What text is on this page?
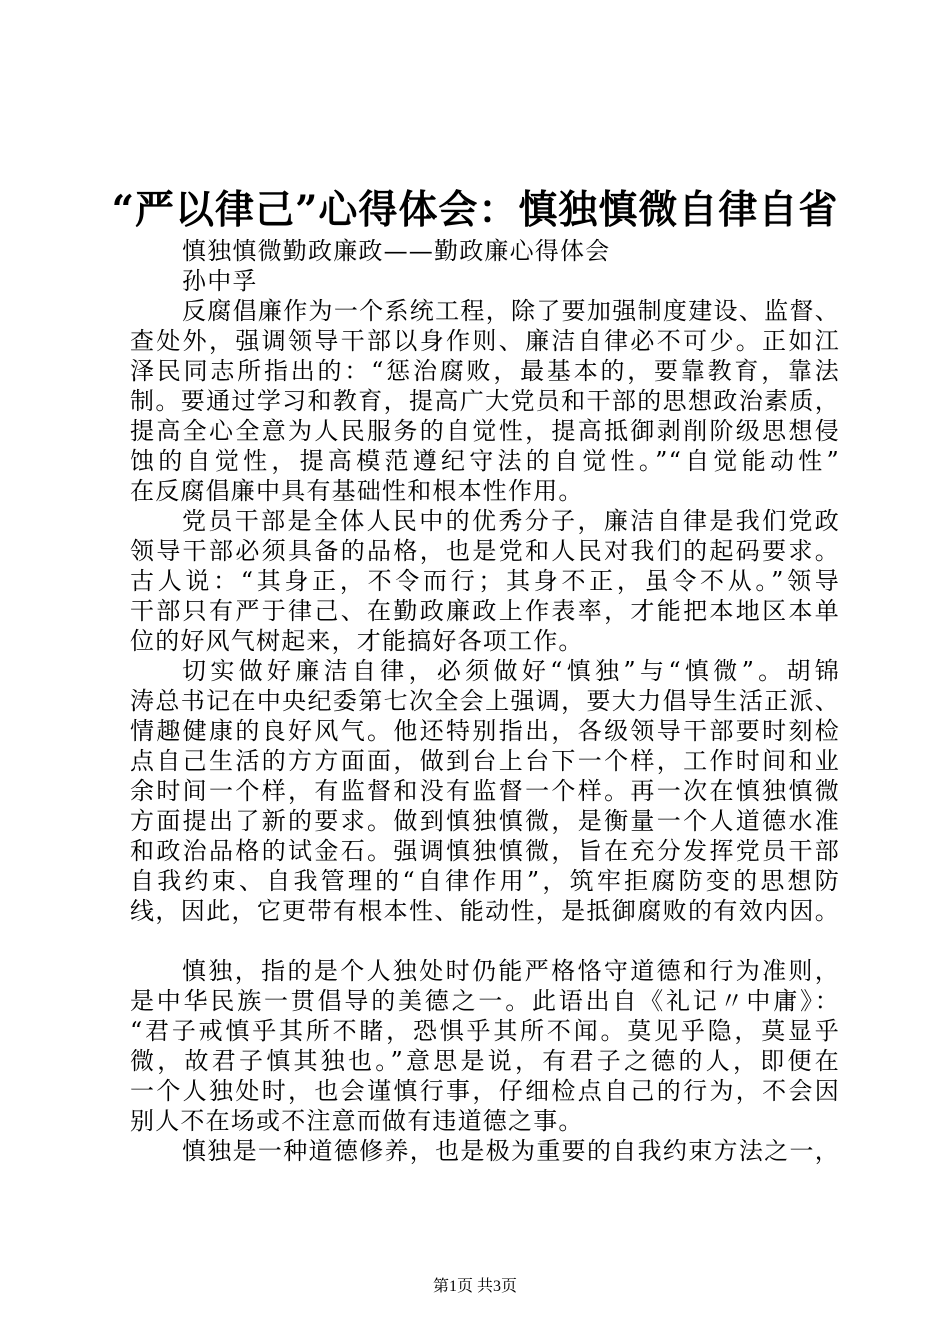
“严以律己”心得体会：慎独慎微自律自省
慎独慎微勤政廉政——勤政廉心得体会
孙中孚
反腐倡廉作为一个系统工程，除了要加强制度建设、监督、
查处外，强调领导干部以身作则、廉洁自律必不可少。正如江
泽民同志所指出的：“惩治腐败，最基本的，要靠教育，靠法
制。要通过学习和教育，提高广大党员和干部的思想政治素质，
提高全心全意为人民服务的自觉性，提高抵御剥削阶级思想侵
蚀的自觉性，提高模范遵纪守法的自觉性。”“自觉能动性”
在反腐倡廉中具有基础性和根本性作用。
党员干部是全体人民中的优秀分子，廉洁自律是我们党政
领导干部必须具备的品格，也是党和人民对我们的起码要求。
古人说：“其身正，不令而行；其身不正，虽令不从。”领导
干部只有严于律己、在勤政廉政上作表率，才能把本地区本单
位的好风气树起来，才能搞好各项工作。
切实做好廉洁自律，必须做好“慎独”与“慎微”。胡锦
涛总书记在中央纪委第七次全会上强调，要大力倡导生活正派、
情趣健康的良好风气。他还特别指出，各级领导干部要时刻检
点自己生活的方方面面，做到台上台下一个样，工作时间和业
余时间一个样，有监督和没有监督一个样。再一次在慎独慎微
方面提出了新的要求。做到慎独慎微，是衡量一个人道德水准
和政治品格的试金石。强调慎独慎微，旨在充分发挥党员干部
自我约束、自我管理的“自律作用”，筑牢拒腐防变的思想防
线，因此，它更带有根本性、能动性，是抵御腐败的有效内因。
慎独，指的是个人独处时仍能严格恪守道德和行为准则，
是中华民族一贯倡导的美德之一。此语出自《礼记〃中庸》：
“君子戒慎乎其所不睹，恐惧乎其所不闻。莫见乎隐，莫显乎
微，故君子慎其独也。”意思是说，有君子之德的人，即便在
一个人独处时，也会谨慎行事，仔细检点自己的行为，不会因
别人不在场或不注意而做有违道德之事。
慎独是一种道德修养，也是极为重要的自我约束方法之一，
第1页 共3页
